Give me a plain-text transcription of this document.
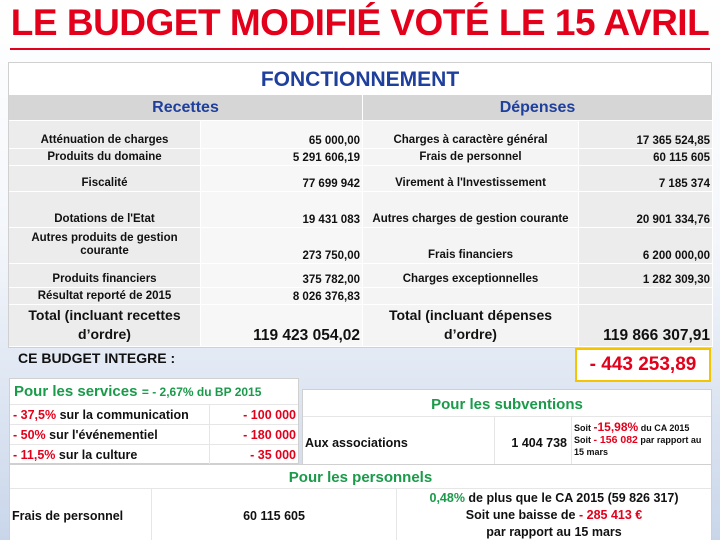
LE BUDGET MODIFIÉ VOTÉ LE 15 AVRIL
FONCTIONNEMENT
Recettes	Dépenses
Atténuation de charges	65 000,00	Charges à caractère général	17 365 524,85
Produits du domaine	5 291 606,19	Frais de personnel	60 115 605
Fiscalité	77 699 942	Virement à l'Investissement	7 185 374
Dotations de l'Etat	19 431 083	Autres charges de gestion courante	20 901 334,76
Autres produits de gestion courante	273 750,00	Frais financiers	6 200 000,00
Produits financiers	375 782,00	Charges exceptionnelles	1 282 309,30
Résultat reporté de 2015	8 026 376,83
Total (incluant recettes d’ordre)	119 423 054,02
Total (incluant dépenses d’ordre)	119 866 307,91
CE BUDGET INTEGRE :	- 443 253,89
Pour les services = - 2,67% du BP 2015
- 37,5% sur la communication	- 100 000
- 50% sur l'événementiel	- 180 000
- 11,5% sur la culture	- 35 000
Pour les subventions
Aux associations	1 404 738
Soit -15,98% du CA 2015
Soit - 156 082 par rapport au 15 mars
Pour les personnels
Frais de personnel	60 115 605
0,48% de plus que le CA 2015 (59 826 317)
Soit une baisse de - 285 413 €
par rapport au 15 mars
